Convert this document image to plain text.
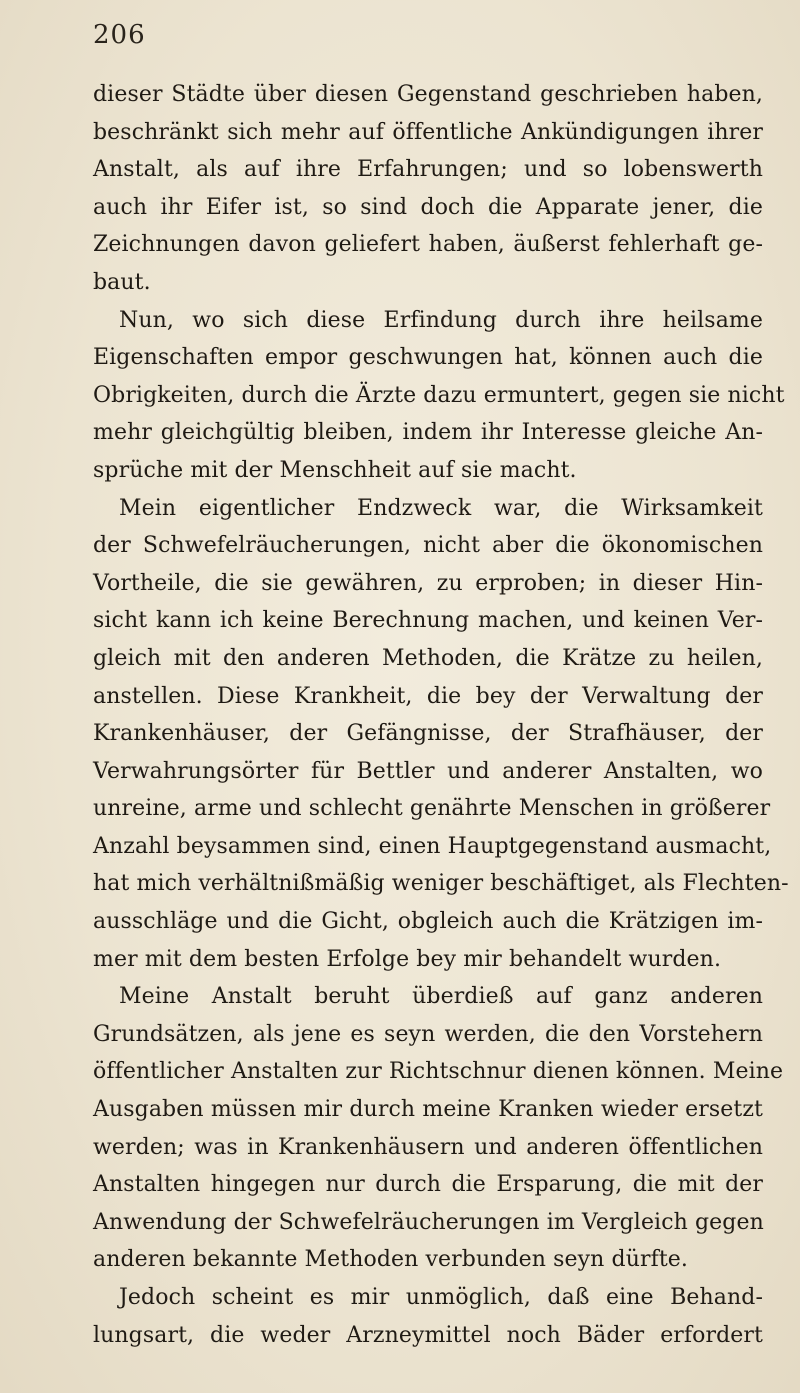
206
dieser Städte über diesen Gegenstand geschrieben haben,
beschränkt sich mehr auf öffentliche Ankündigungen ihrer
Anstalt, als auf ihre Erfahrungen; und so lobenswerth
auch ihr Eifer ist, so sind doch die Apparate jener, die
Zeichnungen davon geliefert haben, äußerst fehlerhaft ge-
baut.
Nun, wo sich diese Erfindung durch ihre heilsame
Eigenschaften empor geschwungen hat, können auch die
Obrigkeiten, durch die Ärzte dazu ermuntert, gegen sie nicht
mehr gleichgültig bleiben, indem ihr Interesse gleiche An-
sprüche mit der Menschheit auf sie macht.
Mein eigentlicher Endzweck war, die Wirksamkeit
der Schwefelräucherungen, nicht aber die ökonomischen
Vortheile, die sie gewähren, zu erproben; in dieser Hin-
sicht kann ich keine Berechnung machen, und keinen Ver-
gleich mit den anderen Methoden, die Krätze zu heilen,
anstellen. Diese Krankheit, die bey der Verwaltung der
Krankenhäuser, der Gefängnisse, der Strafhäuser, der
Verwahrungsörter für Bettler und anderer Anstalten, wo
unreine, arme und schlecht genährte Menschen in größerer
Anzahl beysammen sind, einen Hauptgegenstand ausmacht,
hat mich verhältnißmäßig weniger beschäftiget, als Flechten-
ausschläge und die Gicht, obgleich auch die Krätzigen im-
mer mit dem besten Erfolge bey mir behandelt wurden.
Meine Anstalt beruht überdieß auf ganz anderen
Grundsätzen, als jene es seyn werden, die den Vorstehern
öffentlicher Anstalten zur Richtschnur dienen können. Meine
Ausgaben müssen mir durch meine Kranken wieder ersetzt
werden; was in Krankenhäusern und anderen öffentlichen
Anstalten hingegen nur durch die Ersparung, die mit der
Anwendung der Schwefelräucherungen im Vergleich gegen
anderen bekannte Methoden verbunden seyn dürfte.
Jedoch scheint es mir unmöglich, daß eine Behand-
lungsart, die weder Arzneymittel noch Bäder erfordert
